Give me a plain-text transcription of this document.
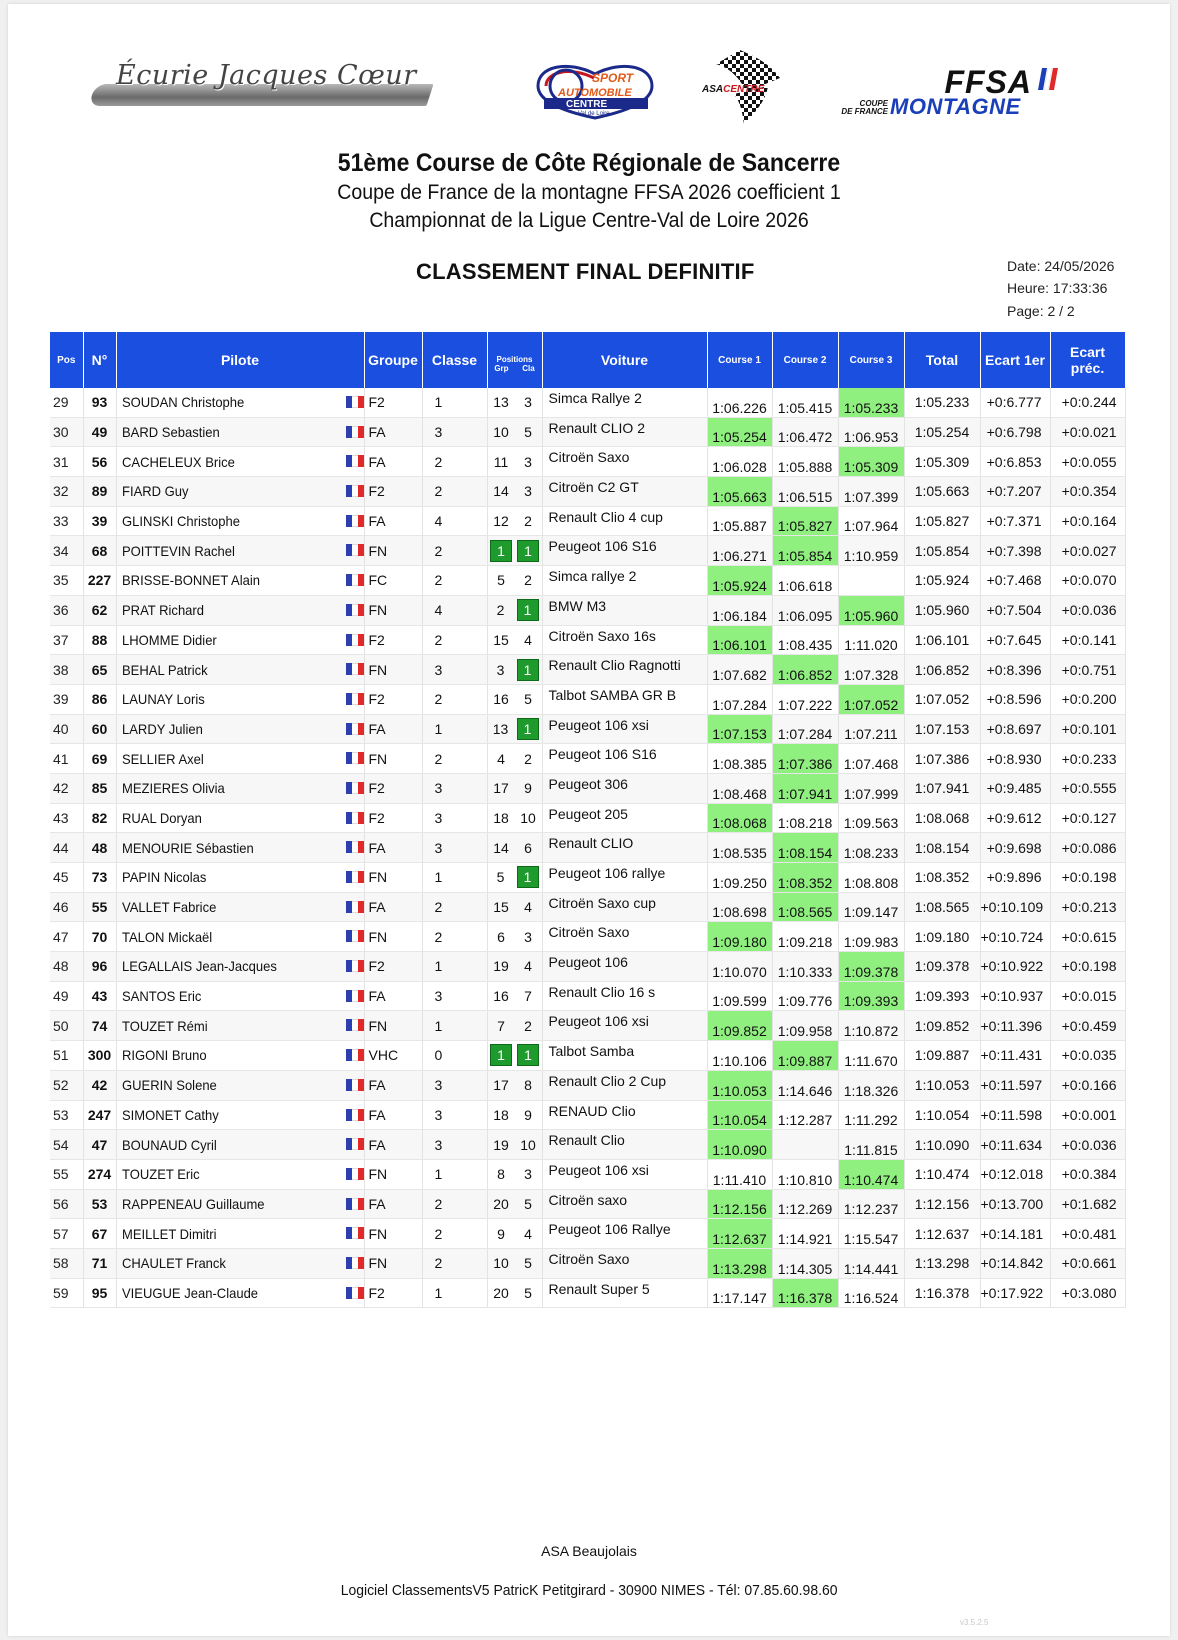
Écurie Jacques Cœur	SPORT
AUTOMOBILE
CENTRE
Val de Loire
ASACENTRE	FFSA
COUPE
DE FRANCE MONTAGNE
51ème Course de Côte Régionale de Sancerre
Coupe de France de la montagne FFSA 2026 coefficient 1
Championnat de la Ligue Centre-Val de Loire 2026
CLASSEMENT FINAL DEFINITIF	Date: 24/05/2026
Heure: 17:33:36
Page: 2 / 2
Pos	N°	Pilote	Groupe	Classe	Positions
Grp Cla	Voiture	Course 1	Course 2	Course 3	Total	Ecart 1er	Ecart
préc.
29	93	SOUDAN Christophe	F2	1	13 3	Simca Rallye 2	1:06.226	1:05.415	1:05.233	1:05.233	+0:6.777	+0:0.244
30	49	BARD Sebastien	FA	3	10 5	Renault CLIO 2	1:05.254	1:06.472	1:06.953	1:05.254	+0:6.798	+0:0.021
31	56	CACHELEUX Brice	FA	2	11 3	Citroën Saxo	1:06.028	1:05.888	1:05.309	1:05.309	+0:6.853	+0:0.055
32	89	FIARD Guy	F2	2	14 3	Citroën C2 GT	1:05.663	1:06.515	1:07.399	1:05.663	+0:7.207	+0:0.354
33	39	GLINSKI Christophe	FA	4	12 2	Renault Clio 4 cup	1:05.887	1:05.827	1:07.964	1:05.827	+0:7.371	+0:0.164
34	68	POITTEVIN Rachel	FN	2	1 1	Peugeot 106 S16	1:06.271	1:05.854	1:10.959	1:05.854	+0:7.398	+0:0.027
35	227	BRISSE-BONNET Alain	FC	2	5 2	Simca rallye 2	1:05.924	1:06.618		1:05.924	+0:7.468	+0:0.070
36	62	PRAT Richard	FN	4	2 1	BMW M3	1:06.184	1:06.095	1:05.960	1:05.960	+0:7.504	+0:0.036
37	88	LHOMME Didier	F2	2	15 4	Citroën Saxo 16s	1:06.101	1:08.435	1:11.020	1:06.101	+0:7.645	+0:0.141
38	65	BEHAL Patrick	FN	3	3 1	Renault Clio Ragnotti	1:07.682	1:06.852	1:07.328	1:06.852	+0:8.396	+0:0.751
39	86	LAUNAY Loris	F2	2	16 5	Talbot SAMBA GR B	1:07.284	1:07.222	1:07.052	1:07.052	+0:8.596	+0:0.200
40	60	LARDY Julien	FA	1	13 1	Peugeot 106 xsi	1:07.153	1:07.284	1:07.211	1:07.153	+0:8.697	+0:0.101
41	69	SELLIER Axel	FN	2	4 2	Peugeot 106 S16	1:08.385	1:07.386	1:07.468	1:07.386	+0:8.930	+0:0.233
42	85	MEZIERES Olivia	F2	3	17 9	Peugeot 306	1:08.468	1:07.941	1:07.999	1:07.941	+0:9.485	+0:0.555
43	82	RUAL Doryan	F2	3	18 10	Peugeot 205	1:08.068	1:08.218	1:09.563	1:08.068	+0:9.612	+0:0.127
44	48	MENOURIE Sébastien	FA	3	14 6	Renault CLIO	1:08.535	1:08.154	1:08.233	1:08.154	+0:9.698	+0:0.086
45	73	PAPIN Nicolas	FN	1	5 1	Peugeot 106 rallye	1:09.250	1:08.352	1:08.808	1:08.352	+0:9.896	+0:0.198
46	55	VALLET Fabrice	FA	2	15 4	Citroën Saxo cup	1:08.698	1:08.565	1:09.147	1:08.565	+0:10.109	+0:0.213
47	70	TALON Mickaël	FN	2	6 3	Citroën Saxo	1:09.180	1:09.218	1:09.983	1:09.180	+0:10.724	+0:0.615
48	96	LEGALLAIS Jean-Jacques	F2	1	19 4	Peugeot 106	1:10.070	1:10.333	1:09.378	1:09.378	+0:10.922	+0:0.198
49	43	SANTOS Eric	FA	3	16 7	Renault Clio 16 s	1:09.599	1:09.776	1:09.393	1:09.393	+0:10.937	+0:0.015
50	74	TOUZET Rémi	FN	1	7 2	Peugeot 106 xsi	1:09.852	1:09.958	1:10.872	1:09.852	+0:11.396	+0:0.459
51	300	RIGONI Bruno	VHC	0	1 1	Talbot Samba	1:10.106	1:09.887	1:11.670	1:09.887	+0:11.431	+0:0.035
52	42	GUERIN Solene	FA	3	17 8	Renault Clio 2 Cup	1:10.053	1:14.646	1:18.326	1:10.053	+0:11.597	+0:0.166
53	247	SIMONET Cathy	FA	3	18 9	RENAUD Clio	1:10.054	1:12.287	1:11.292	1:10.054	+0:11.598	+0:0.001
54	47	BOUNAUD Cyril	FA	3	19 10	Renault Clio	1:10.090		1:11.815	1:10.090	+0:11.634	+0:0.036
55	274	TOUZET Eric	FN	1	8 3	Peugeot 106 xsi	1:11.410	1:10.810	1:10.474	1:10.474	+0:12.018	+0:0.384
56	53	RAPPENEAU Guillaume	FA	2	20 5	Citroën saxo	1:12.156	1:12.269	1:12.237	1:12.156	+0:13.700	+0:1.682
57	67	MEILLET Dimitri	FN	2	9 4	Peugeot 106 Rallye	1:12.637	1:14.921	1:15.547	1:12.637	+0:14.181	+0:0.481
58	71	CHAULET Franck	FN	2	10 5	Citroën Saxo	1:13.298	1:14.305	1:14.441	1:13.298	+0:14.842	+0:0.661
59	95	VIEUGUE Jean-Claude	F2	1	20 5	Renault Super 5	1:17.147	1:16.378	1:16.524	1:16.378	+0:17.922	+0:3.080
ASA Beaujolais
Logiciel ClassementsV5 PatricK Petitgirard - 30900 NIMES - Tél: 07.85.60.98.60
v3.5.2.5
